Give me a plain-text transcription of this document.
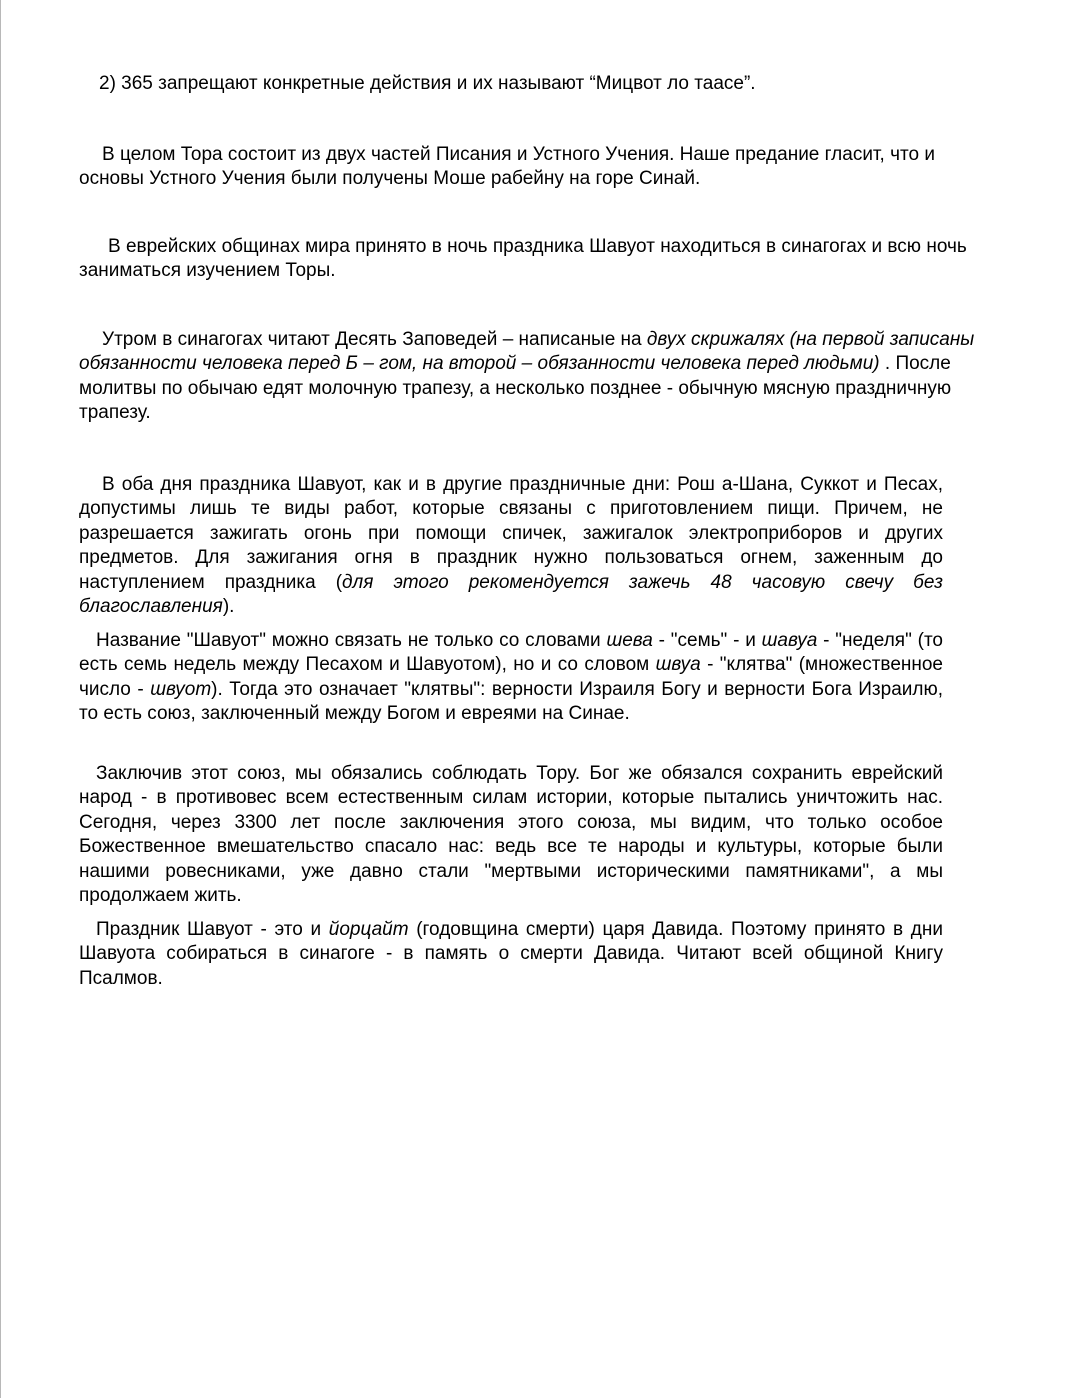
2) 365 запрещают конкретные действия и их называют “Мицвот ло таасе”.

В целом Тора состоит из двух частей Писания и Устного Учения. Наше предание гласит, что и основы Устного Учения были получены Моше рабейну на горе Синай.

В еврейских общинах мира принято в ночь праздника Шавуот находиться в синагогах и всю ночь заниматься изучением Торы.

Утром в синагогах читают Десять Заповедей – написаные на двух скрижалях (на первой записаны обязанности человека перед Б – гом, на второй – обязанности человека перед людьми) . После молитвы по обычаю едят молочную трапезу, а несколько позднее - обычную мясную праздничную трапезу.

В оба дня праздника Шавуот, как и в другие праздничные дни: Рош а-Шана, Суккот и Песах, допустимы лишь те виды работ, которые связаны с приготовлением пищи. Причем, не разрешается зажигать огонь при помощи спичек, зажигалок электроприборов и других предметов. Для зажигания огня в праздник нужно пользоваться огнем, заженным до наступлением праздника (для этого рекомендуется зажечь 48 часовую свечу без благославления).

Название "Шавуот" можно связать не только со словами шева - "семь" - и шавуа - "неделя" (то есть семь недель между Песахом и Шавуотом), но и со словом швуа - "клятва" (множественное число - швуот). Тогда это означает "клятвы": верности Израиля Богу и верности Бога Израилю, то есть союз, заключенный между Богом и евреями на Синае.

Заключив этот союз, мы обязались соблюдать Тору. Бог же обязался сохранить еврейский народ - в противовес всем естественным силам истории, которые пытались уничтожить нас. Сегодня, через 3300 лет после заключения этого союза, мы видим, что только особое Божественное вмешательство спасало нас: ведь все те народы и культуры, которые были нашими ровесниками, уже давно стали "мертвыми историческими памятниками", а мы продолжаем жить.

Праздник Шавуот - это и йорцайт (годовщина смерти) царя Давида. Поэтому принято в дни Шавуота собираться в синагоге - в память о смерти Давида. Читают всей общиной Книгу Псалмов.
